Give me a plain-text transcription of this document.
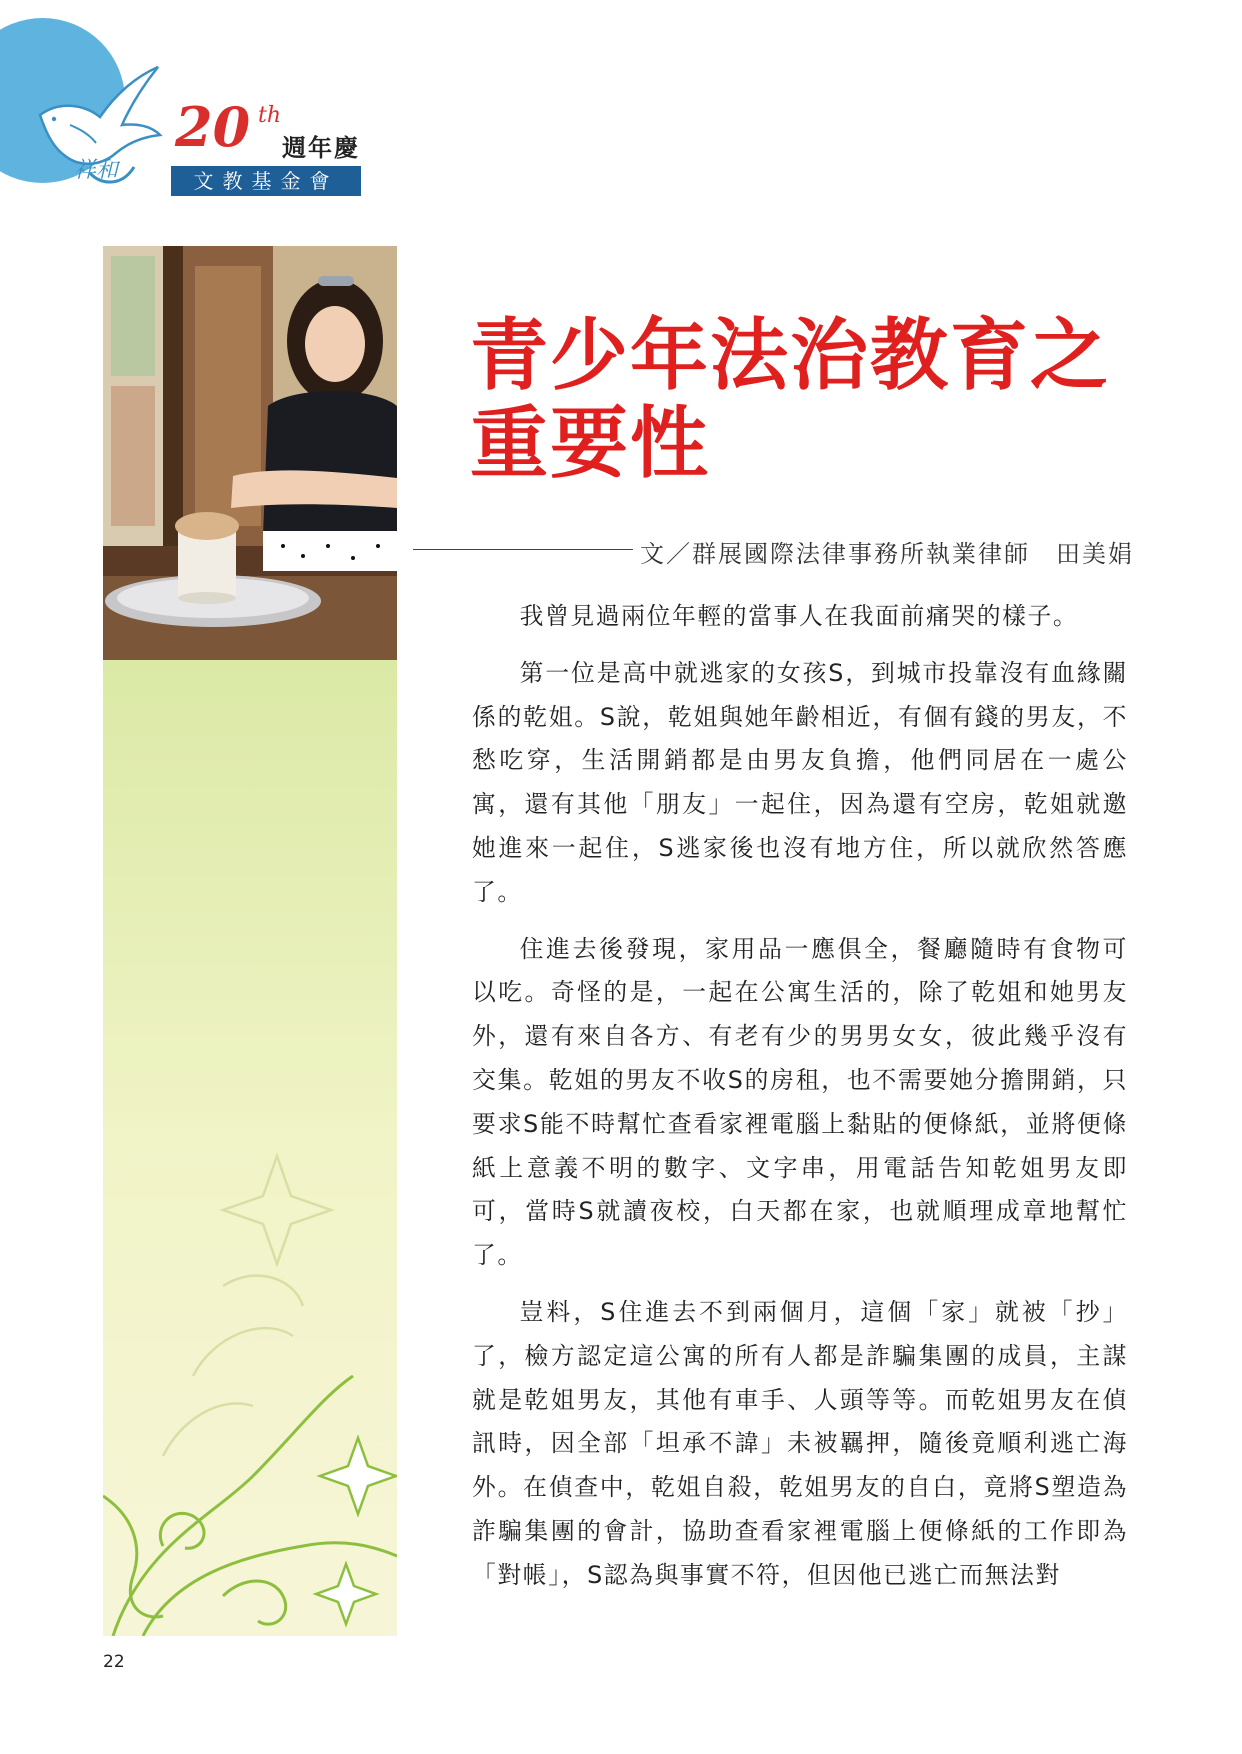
祥和
20 th
週年慶
文教基金會
青少年法治教育之
重要性
文／群展國際法律事務所執業律師　田美娟

我曾見過兩位年輕的當事人在我面前痛哭的樣子。

第一位是高中就逃家的女孩S，到城市投靠沒有血緣關係的乾姐。S說，乾姐與她年齡相近，有個有錢的男友，不愁吃穿，生活開銷都是由男友負擔，他們同居在一處公寓，還有其他「朋友」一起住，因為還有空房，乾姐就邀她進來一起住，S逃家後也沒有地方住，所以就欣然答應了。

住進去後發現，家用品一應俱全，餐廳隨時有食物可以吃。奇怪的是，一起在公寓生活的，除了乾姐和她男友外，還有來自各方、有老有少的男男女女，彼此幾乎沒有交集。乾姐的男友不收S的房租，也不需要她分擔開銷，只要求S能不時幫忙查看家裡電腦上黏貼的便條紙，並將便條紙上意義不明的數字、文字串，用電話告知乾姐男友即可，當時S就讀夜校，白天都在家，也就順理成章地幫忙了。

豈料，S住進去不到兩個月，這個「家」就被「抄」了，檢方認定這公寓的所有人都是詐騙集團的成員，主謀就是乾姐男友，其他有車手、人頭等等。而乾姐男友在偵訊時，因全部「坦承不諱」未被羈押，隨後竟順利逃亡海外。在偵查中，乾姐自殺，乾姐男友的自白，竟將S塑造為詐騙集團的會計，協助查看家裡電腦上便條紙的工作即為「對帳」，S認為與事實不符，但因他已逃亡而無法對

22
